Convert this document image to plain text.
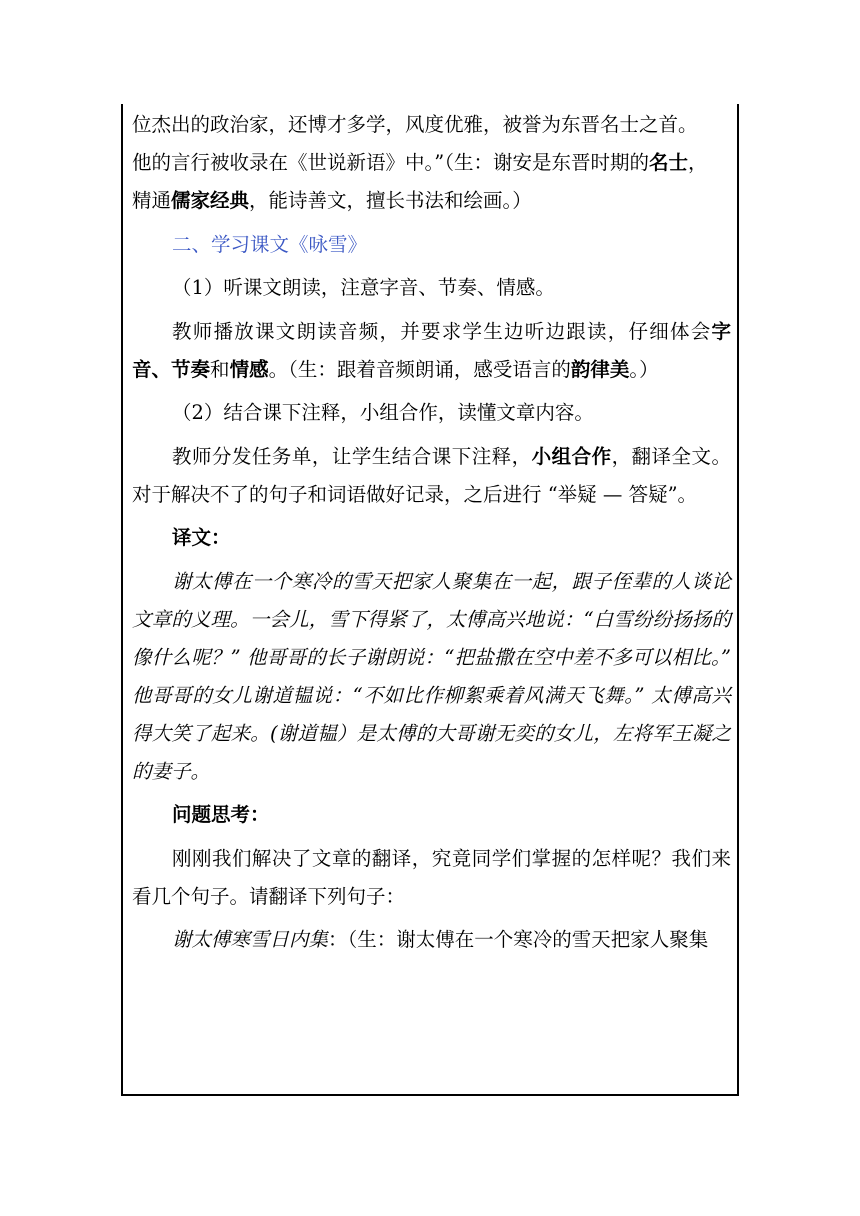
位杰出的政治家，还博才多学，风度优雅，被誉为东晋名士之首。
他的言行被收录在《世说新语》中。”（生：谢安是东晋时期的名士，
精通儒家经典，能诗善文，擅长书法和绘画。）

二、学习课文《咏雪》

（1）听课文朗读，注意字音、节奏、情感。

教师播放课文朗读音频，并要求学生边听边跟读，仔细体会字音、节奏和情感。（生：跟着音频朗诵，感受语言的韵律美。）

（2）结合课下注释，小组合作，读懂文章内容。

教师分发任务单，让学生结合课下注释，小组合作，翻译全文。对于解决不了的句子和词语做好记录，之后进行 “举疑 — 答疑”。

译文：

谢太傅在一个寒冷的雪天把家人聚集在一起，跟子侄辈的人谈论文章的义理。一会儿，雪下得紧了，太傅高兴地说：“白雪纷纷扬扬的像什么呢？” 他哥哥的长子谢朗说：“把盐撒在空中差不多可以相比。” 他哥哥的女儿谢道韫说：“不如比作柳絮乘着风满天飞舞。” 太傅高兴得大笑了起来。(谢道韫）是太傅的大哥谢无奕的女儿，左将军王凝之的妻子。

问题思考：

刚刚我们解决了文章的翻译，究竟同学们掌握的怎样呢？我们来看几个句子。请翻译下列句子：

谢太傅寒雪日内集：（生：谢太傅在一个寒冷的雪天把家人聚集
